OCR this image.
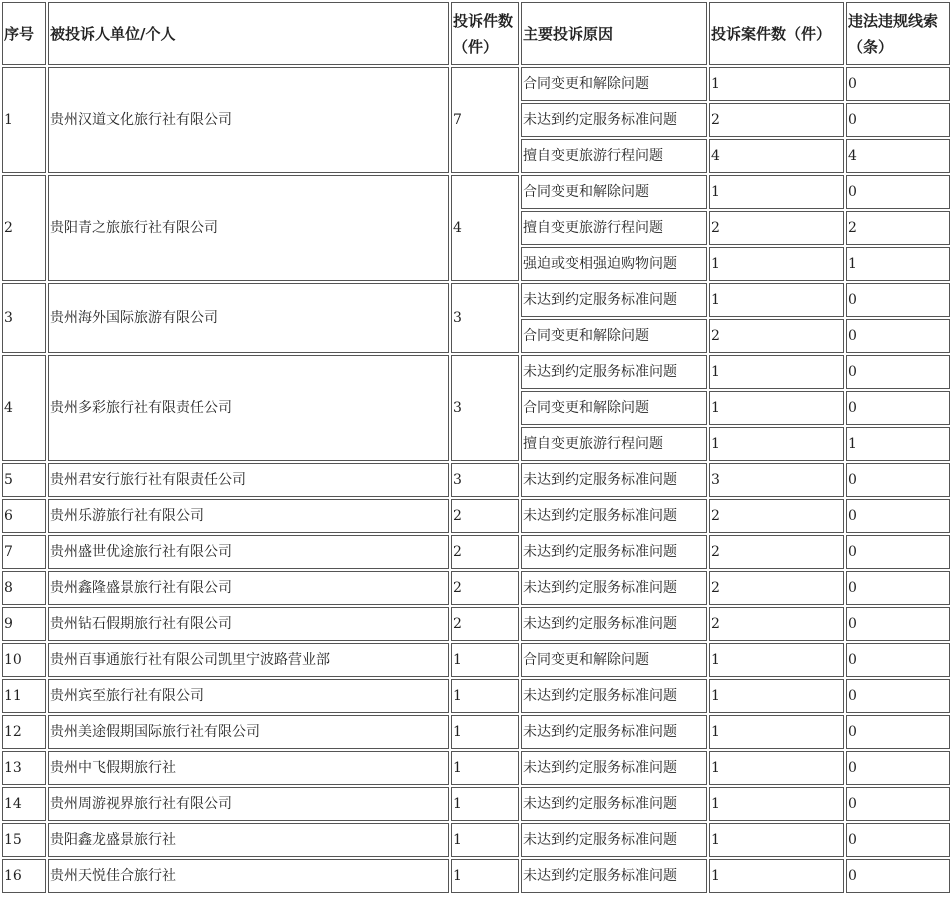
序号	被投诉人单位/个人	投诉件数（件）	主要投诉原因	投诉案件数（件）	违法违规线索（条）
1	贵州汉道文化旅行社有限公司	7	合同变更和解除问题	1	0
			未达到约定服务标准问题	2	0
			擅自变更旅游行程问题	4	4
2	贵阳青之旅旅行社有限公司	4	合同变更和解除问题	1	0
			擅自变更旅游行程问题	2	2
			强迫或变相强迫购物问题	1	1
3	贵州海外国际旅游有限公司	3	未达到约定服务标准问题	1	0
			合同变更和解除问题	2	0
4	贵州多彩旅行社有限责任公司	3	未达到约定服务标准问题	1	0
			合同变更和解除问题	1	0
			擅自变更旅游行程问题	1	1
5	贵州君安行旅行社有限责任公司	3	未达到约定服务标准问题	3	0
6	贵州乐游旅行社有限公司	2	未达到约定服务标准问题	2	0
7	贵州盛世优途旅行社有限公司	2	未达到约定服务标准问题	2	0
8	贵州鑫隆盛景旅行社有限公司	2	未达到约定服务标准问题	2	0
9	贵州钻石假期旅行社有限公司	2	未达到约定服务标准问题	2	0
10	贵州百事通旅行社有限公司凯里宁波路营业部	1	合同变更和解除问题	1	0
11	贵州宾至旅行社有限公司	1	未达到约定服务标准问题	1	0
12	贵州美途假期国际旅行社有限公司	1	未达到约定服务标准问题	1	0
13	贵州中飞假期旅行社	1	未达到约定服务标准问题	1	0
14	贵州周游视界旅行社有限公司	1	未达到约定服务标准问题	1	0
15	贵阳鑫龙盛景旅行社	1	未达到约定服务标准问题	1	0
16	贵州天悦佳合旅行社	1	未达到约定服务标准问题	1	0
